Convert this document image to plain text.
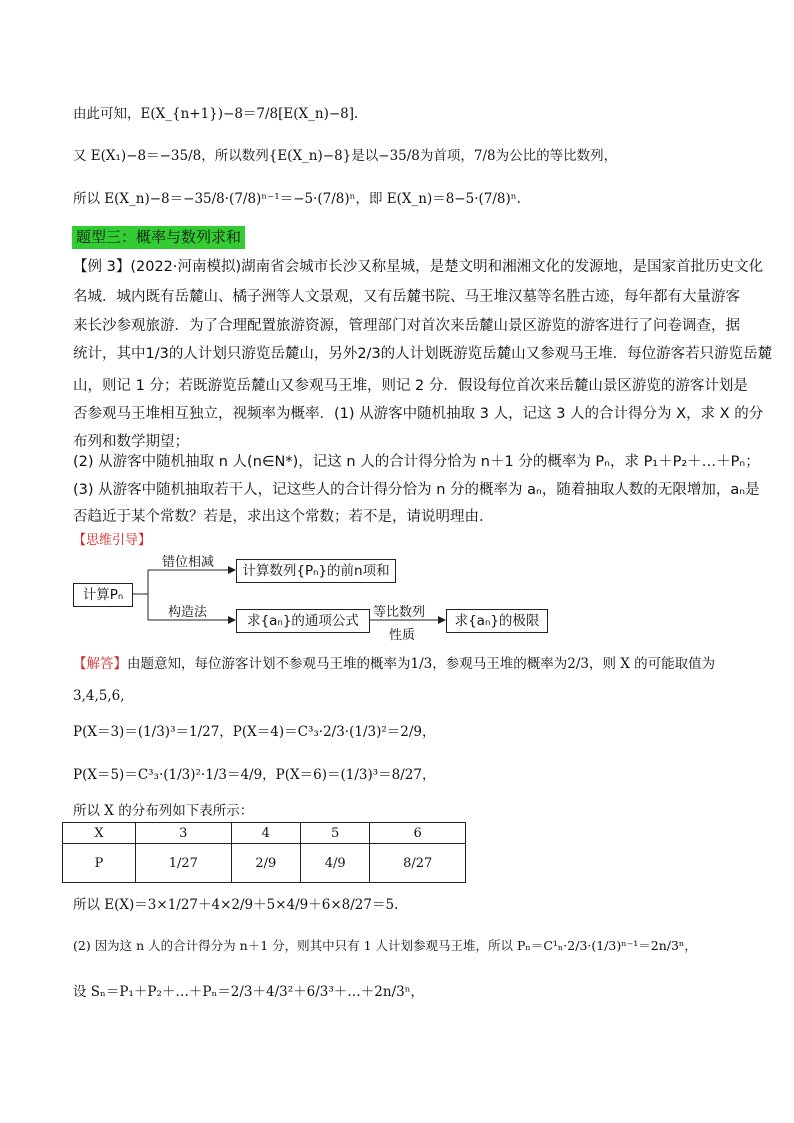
由此可知，E(X_{n+1})−8＝7/8[E(X_n)−8].
又 E(X₁)−8＝−35/8，所以数列{E(X_n)−8}是以−35/8为首项，7/8为公比的等比数列，
所以 E(X_n)−8＝−35/8·(7/8)ⁿ⁻¹＝−5·(7/8)ⁿ，即 E(X_n)＝8−5·(7/8)ⁿ.
题型三：概率与数列求和
【例 3】(2022·河南模拟)湖南省会城市长沙又称星城，是楚文明和湘湘文化的发源地，是国家首批历史文化
名城．城内既有岳麓山、橘子洲等人文景观，又有岳麓书院、马王堆汉墓等名胜古迹，每年都有大量游客
来长沙参观旅游．为了合理配置旅游资源，管理部门对首次来岳麓山景区游览的游客进行了问卷调查，据
统计，其中1/3的人计划只游览岳麓山，另外2/3的人计划既游览岳麓山又参观马王堆．每位游客若只游览岳麓
山，则记 1 分；若既游览岳麓山又参观马王堆，则记 2 分．假设每位首次来岳麓山景区游览的游客计划是
否参观马王堆相互独立，视频率为概率．(1) 从游客中随机抽取 3 人，记这 3 人的合计得分为 X，求 X 的分
布列和数学期望；
(2) 从游客中随机抽取 n 人(n∈N*)，记这 n 人的合计得分恰为 n＋1 分的概率为 Pₙ，求 P₁＋P₂＋…＋Pₙ；
(3) 从游客中随机抽取若干人，记这些人的合计得分恰为 n 分的概率为 aₙ，随着抽取人数的无限增加，aₙ是
否趋近于某个常数？若是，求出这个常数；若不是，请说明理由．
【思维引导】
计算Pₙ
错位相减
计算数列{Pₙ}的前n项和
构造法
求{aₙ}的通项公式
等比数列
性质
求{aₙ}的极限
【解答】由题意知，每位游客计划不参观马王堆的概率为1/3，参观马王堆的概率为2/3，则 X 的可能取值为
3,4,5,6,
P(X＝3)＝(1/3)³＝1/27，P(X＝4)＝C³₃·2/3·(1/3)²＝2/9，
P(X＝5)＝C³₃·(1/3)²·1/3＝4/9，P(X＝6)＝(1/3)³＝8/27，
所以 X 的分布列如下表所示：
X	3	4	5	6
P	1/27	2/9	4/9	8/27
所以 E(X)＝3×1/27＋4×2/9＋5×4/9＋6×8/27＝5.
(2) 因为这 n 人的合计得分为 n＋1 分，则其中只有 1 人计划参观马王堆，所以 Pₙ＝C¹ₙ·2/3·(1/3)ⁿ⁻¹＝2n/3ⁿ，
设 Sₙ＝P₁＋P₂＋…＋Pₙ＝2/3＋4/3²＋6/3³＋…＋2n/3ⁿ，
